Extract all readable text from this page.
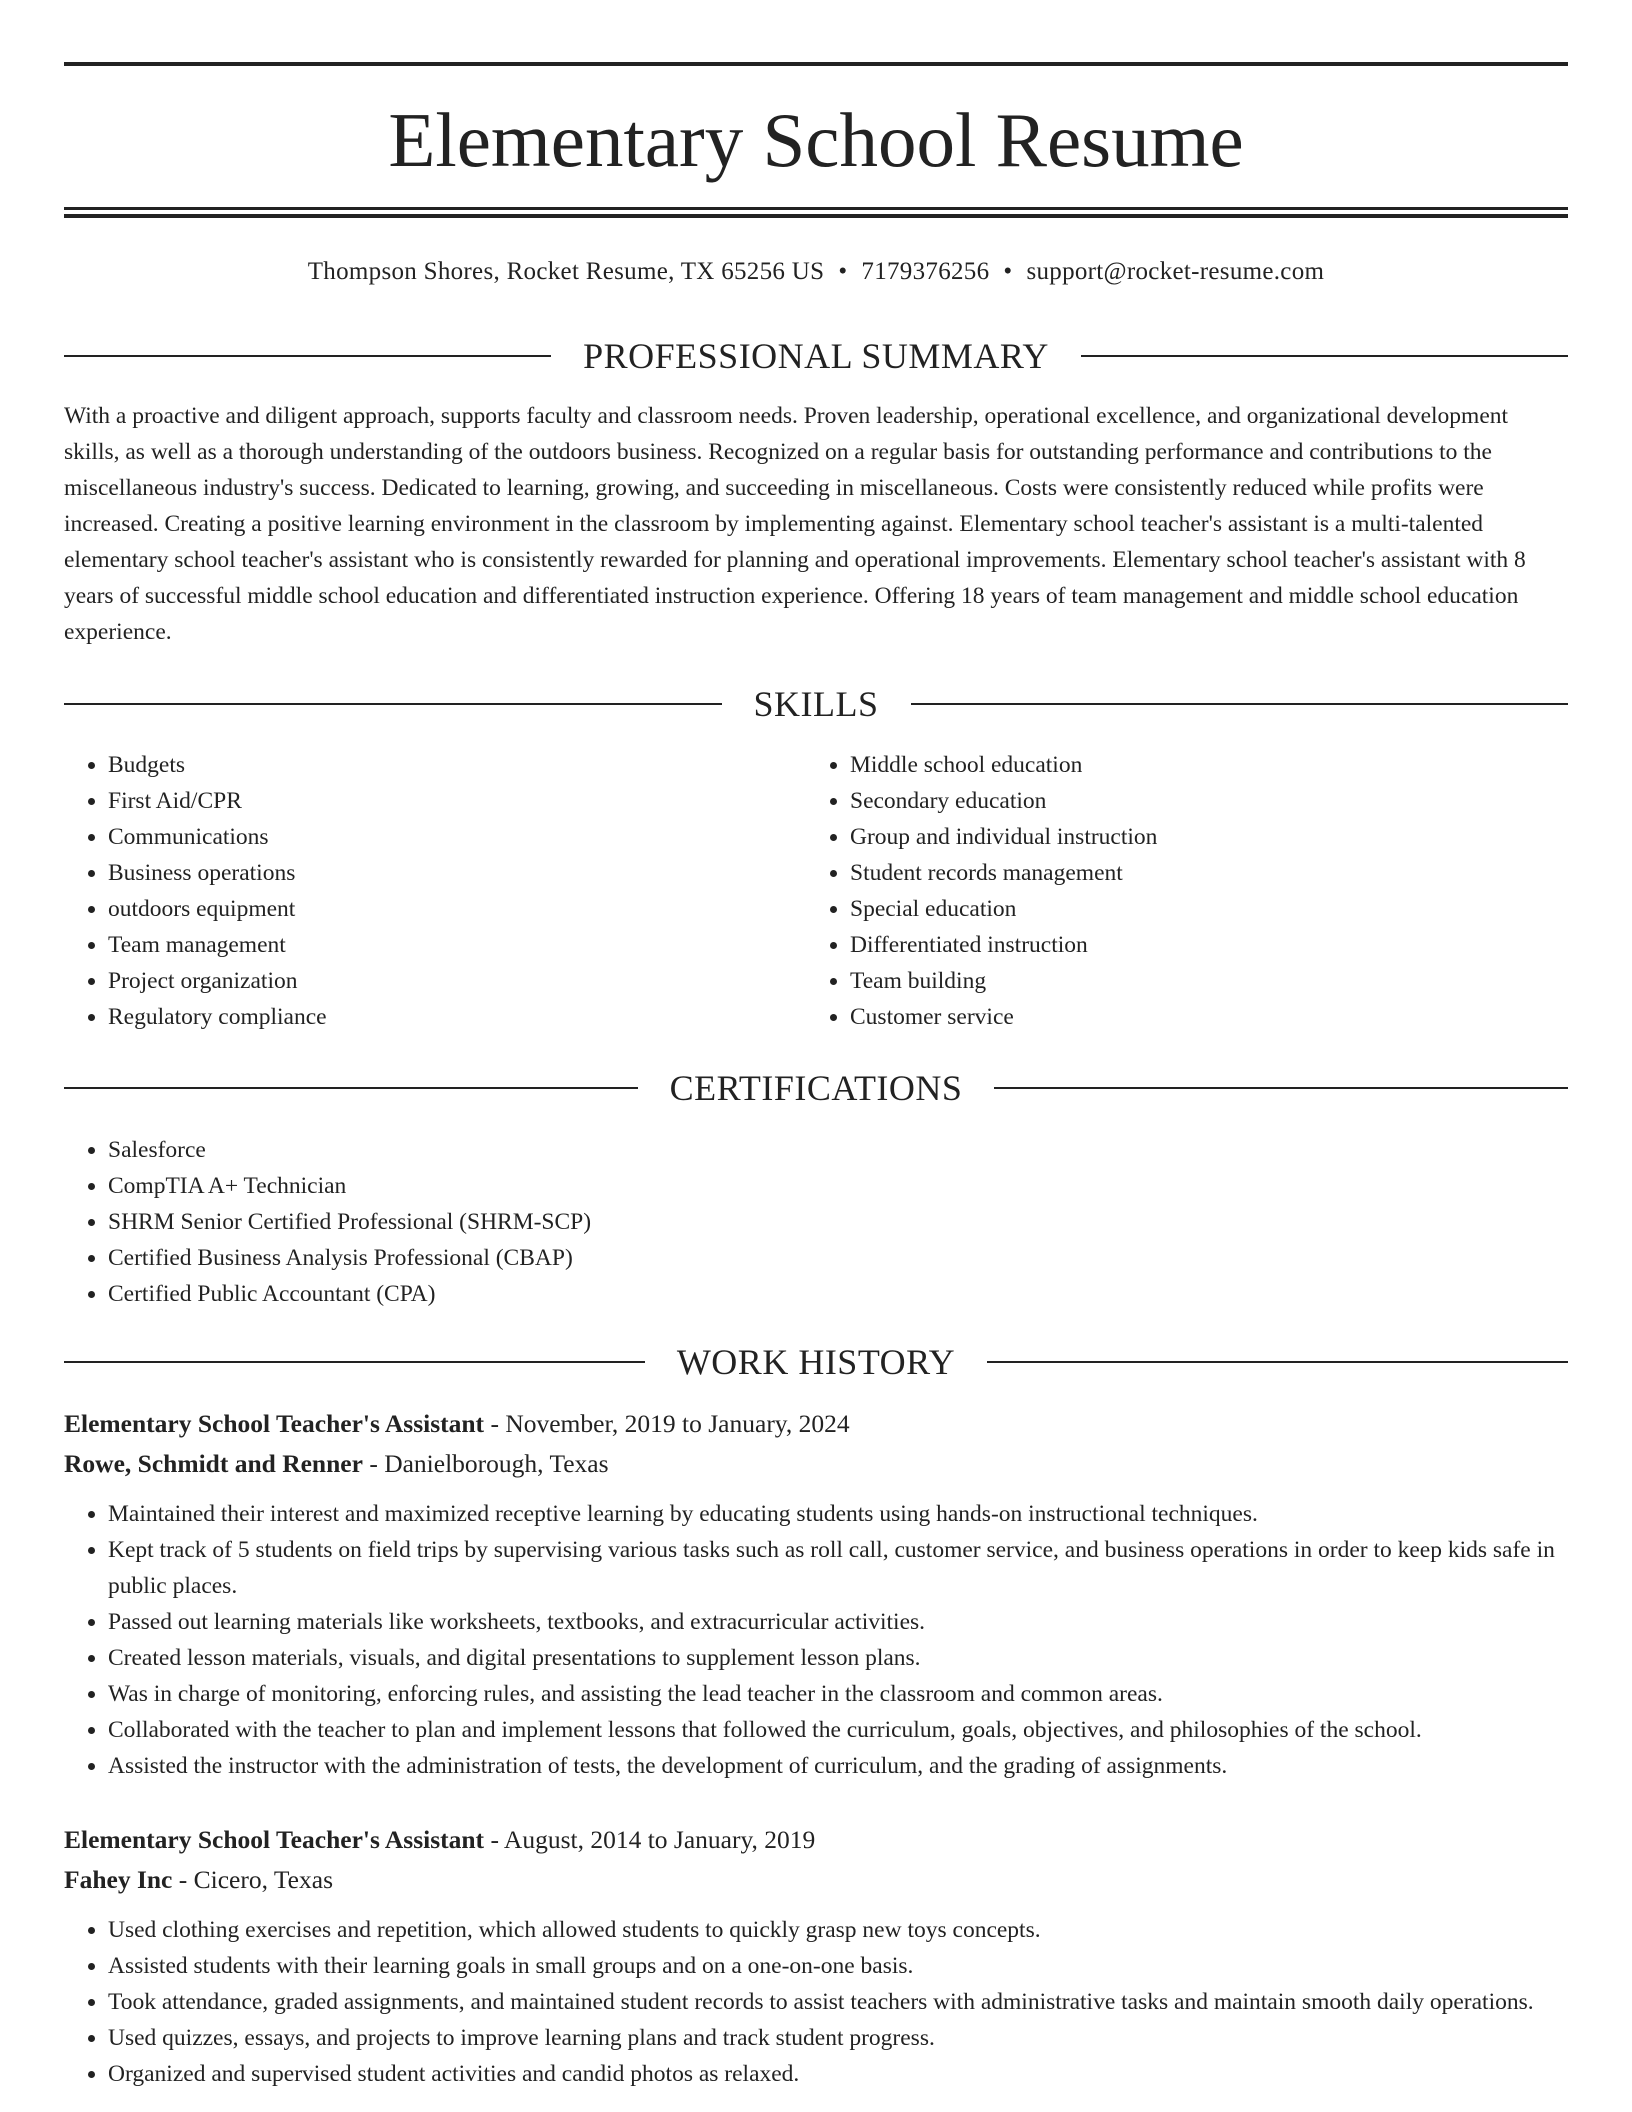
Elementary School Resume
Thompson Shores, Rocket Resume, TX 65256 US • 7179376256 • support@rocket-resume.com
PROFESSIONAL SUMMARY

With a proactive and diligent approach, supports faculty and classroom needs. Proven leadership, operational excellence, and organizational development skills, as well as a thorough understanding of the outdoors business. Recognized on a regular basis for outstanding performance and contributions to the miscellaneous industry's success. Dedicated to learning, growing, and succeeding in miscellaneous. Costs were consistently reduced while profits were increased. Creating a positive learning environment in the classroom by implementing against. Elementary school teacher's assistant is a multi-talented elementary school teacher's assistant who is consistently rewarded for planning and operational improvements. Elementary school teacher's assistant with 8 years of successful middle school education and differentiated instruction experience. Offering 18 years of team management and middle school education experience.

SKILLS
• Budgets
• First Aid/CPR
• Communications
• Business operations
• outdoors equipment
• Team management
• Project organization
• Regulatory compliance
• Middle school education
• Secondary education
• Group and individual instruction
• Student records management
• Special education
• Differentiated instruction
• Team building
• Customer service
CERTIFICATIONS
• Salesforce
• CompTIA A+ Technician
• SHRM Senior Certified Professional (SHRM-SCP)
• Certified Business Analysis Professional (CBAP)
• Certified Public Accountant (CPA)
WORK HISTORY
Elementary School Teacher's Assistant - November, 2019 to January, 2024
Rowe, Schmidt and Renner - Danielborough, Texas
• Maintained their interest and maximized receptive learning by educating students using hands-on instructional techniques.
• Kept track of 5 students on field trips by supervising various tasks such as roll call, customer service, and business operations in order to keep kids safe in public places.
• Passed out learning materials like worksheets, textbooks, and extracurricular activities.
• Created lesson materials, visuals, and digital presentations to supplement lesson plans.
• Was in charge of monitoring, enforcing rules, and assisting the lead teacher in the classroom and common areas.
• Collaborated with the teacher to plan and implement lessons that followed the curriculum, goals, objectives, and philosophies of the school.
• Assisted the instructor with the administration of tests, the development of curriculum, and the grading of assignments.
Elementary School Teacher's Assistant - August, 2014 to January, 2019
Fahey Inc - Cicero, Texas
• Used clothing exercises and repetition, which allowed students to quickly grasp new toys concepts.
• Assisted students with their learning goals in small groups and on a one-on-one basis.
• Took attendance, graded assignments, and maintained student records to assist teachers with administrative tasks and maintain smooth daily operations.
• Used quizzes, essays, and projects to improve learning plans and track student progress.
• Organized and supervised student activities and candid photos as relaxed.
